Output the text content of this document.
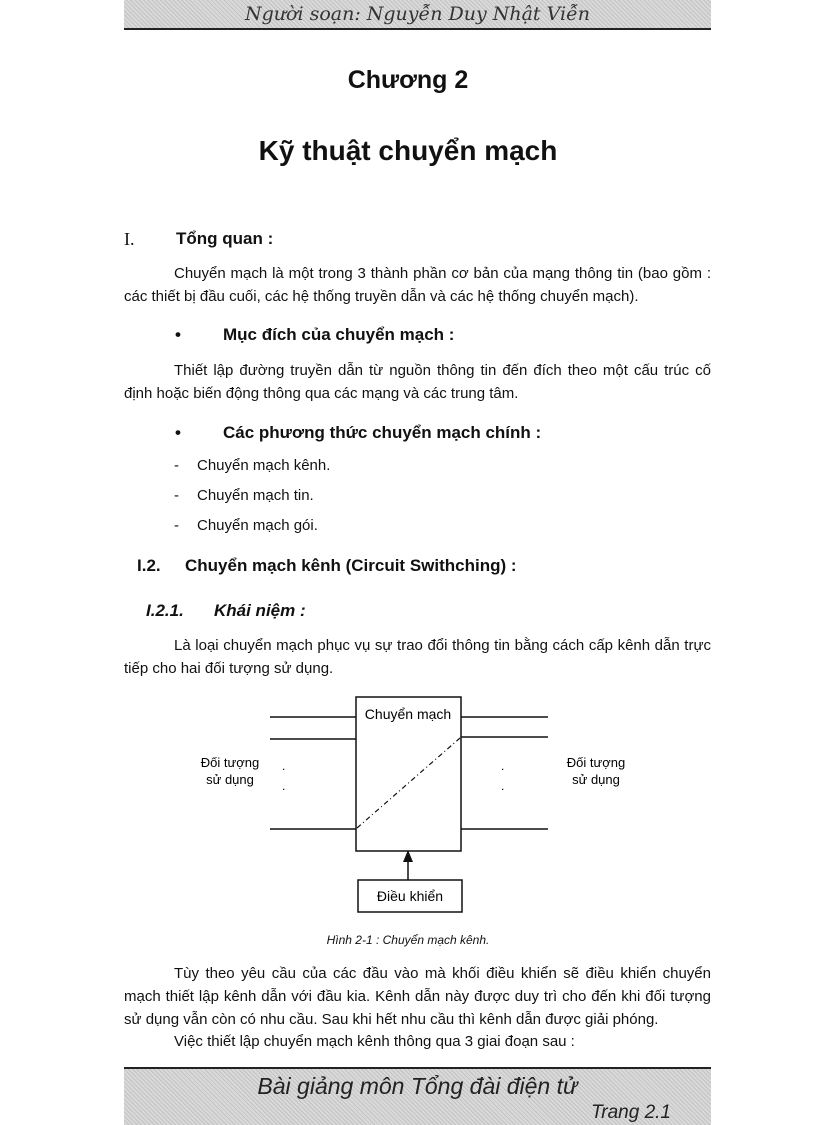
Người soạn: Nguyễn Duy Nhật Viễn
Chương 2
Kỹ thuật chuyển mạch
I. Tổng quan :

Chuyển mạch là một trong 3 thành phần cơ bản của mạng thông tin (bao gồm : các thiết bị đầu cuối, các hệ thống truyền dẫn và các hệ thống chuyển mạch).

• Mục đích của chuyển mạch :

Thiết lập đường truyền dẫn từ nguồn thông tin đến đích theo một cấu trúc cố định hoặc biến động thông qua các mạng và các trung tâm.

• Các phương thức chuyển mạch chính :
- Chuyển mạch kênh.
- Chuyển mạch tin.
- Chuyển mạch gói.
I.2. Chuyển mạch kênh (Circuit Swithching) :
I.2.1. Khái niệm :

Là loại chuyển mạch phục vụ sự trao đổi thông tin bằng cách cấp kênh dẫn trực tiếp cho hai đối tượng sử dụng.

Chuyển mạch
.
.
.
.
Đối tượng
sử dụng
Đối tượng
sử dụng
Điều khiển
Hình 2-1 : Chuyển mạch kênh.

Tùy theo yêu cầu của các đầu vào mà khối điều khiển sẽ điều khiển chuyển mạch thiết lập kênh dẫn với đầu kia. Kênh dẫn này được duy trì cho đến khi đối tượng sử dụng vẫn còn có nhu cầu. Sau khi hết nhu cầu thì kênh dẫn được giải phóng.

Việc thiết lập chuyển mạch kênh thông qua 3 giai đoạn sau :

Bài giảng môn Tổng đài điện tử
Trang 2.1
